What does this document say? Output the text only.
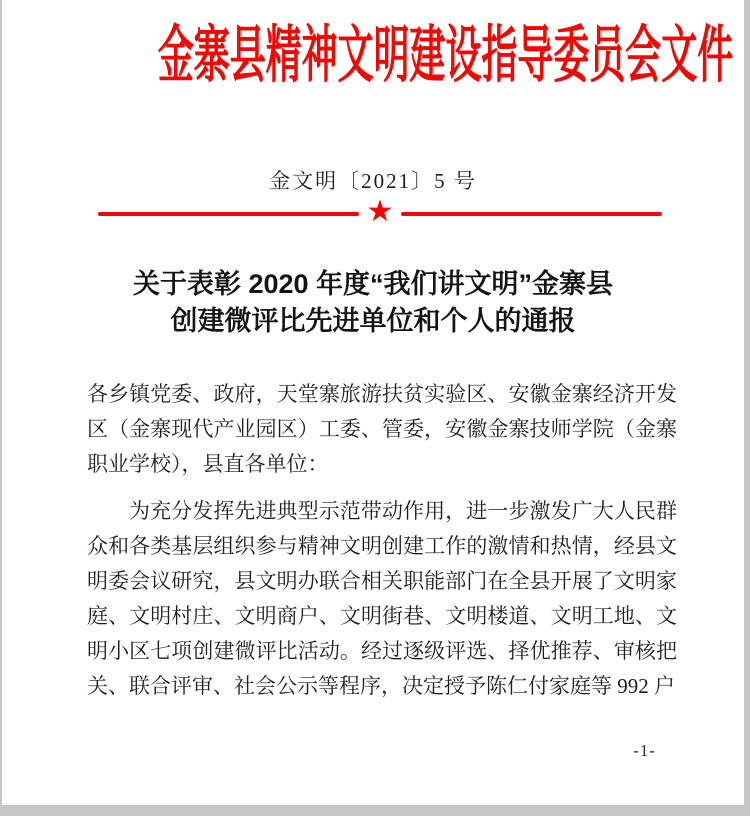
金寨县精神文明建设指导委员会文件
金文明〔2021〕5 号
★
关于表彰 2020 年度“我们讲文明”金寨县
创建微评比先进单位和个人的通报
各乡镇党委、政府，天堂寨旅游扶贫实验区、安徽金寨经济开发
区（金寨现代产业园区）工委、管委，安徽金寨技师学院（金寨
职业学校），县直各单位：
为充分发挥先进典型示范带动作用，进一步激发广大人民群
众和各类基层组织参与精神文明创建工作的激情和热情，经县文
明委会议研究，县文明办联合相关职能部门在全县开展了文明家
庭、文明村庄、文明商户、文明街巷、文明楼道、文明工地、文
明小区七项创建微评比活动。经过逐级评选、择优推荐、审核把
关、联合评审、社会公示等程序，决定授予陈仁付家庭等 992 户
-1-
